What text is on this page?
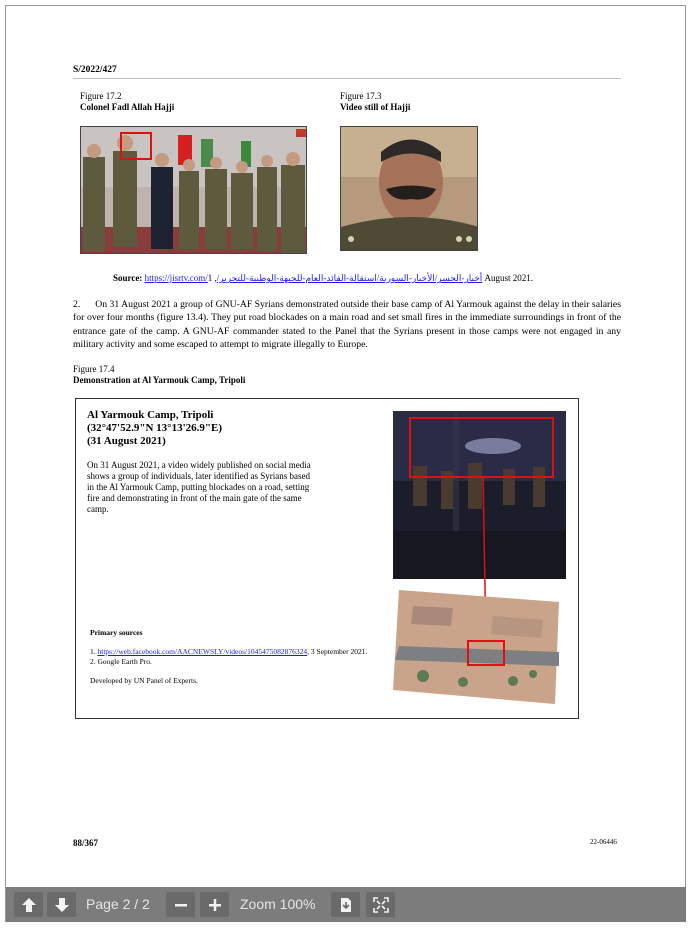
S/2022/427
Figure 17.2
Colonel Fadl Allah Hajji
Figure 17.3
Video still of Hajji
Source: https://jisrtv.com/أخبار-الجسر/الأخبار-السورية/استقالة-القائد-العام-للجبهة-الوطنية-للتحرير/, 1 August 2021.
2. On 31 August 2021 a group of GNU-AF Syrians demonstrated outside their base camp of Al Yarmouk against the delay in their salaries for over four months (figure 13.4). They put road blockades on a main road and set small fires in the immediate surroundings in front of the entrance gate of the camp. A GNU-AF commander stated to the Panel that the Syrians present in those camps were not engaged in any military activity and some escaped to attempt to migrate illegally to Europe.
Figure 17.4
Demonstration at Al Yarmouk Camp, Tripoli
Al Yarmouk Camp, Tripoli
(32°47'52.9"N 13°13'26.9"E)
(31 August 2021)
On 31 August 2021, a video widely published on social media shows a group of individuals, later identified as Syrians based in the Al Yarmouk Camp, putting blockades on a road, setting fire and demonstrating in front of the main gate of the same camp.
Primary sources
1. https://web.facebook.com/AACNEWSLY/videos/1045475082876324, 3 September 2021.
2. Google Earth Pro.
Developed by UN Panel of Experts.
88/367	22-06446
Page 2 / 2	Zoom 100%
